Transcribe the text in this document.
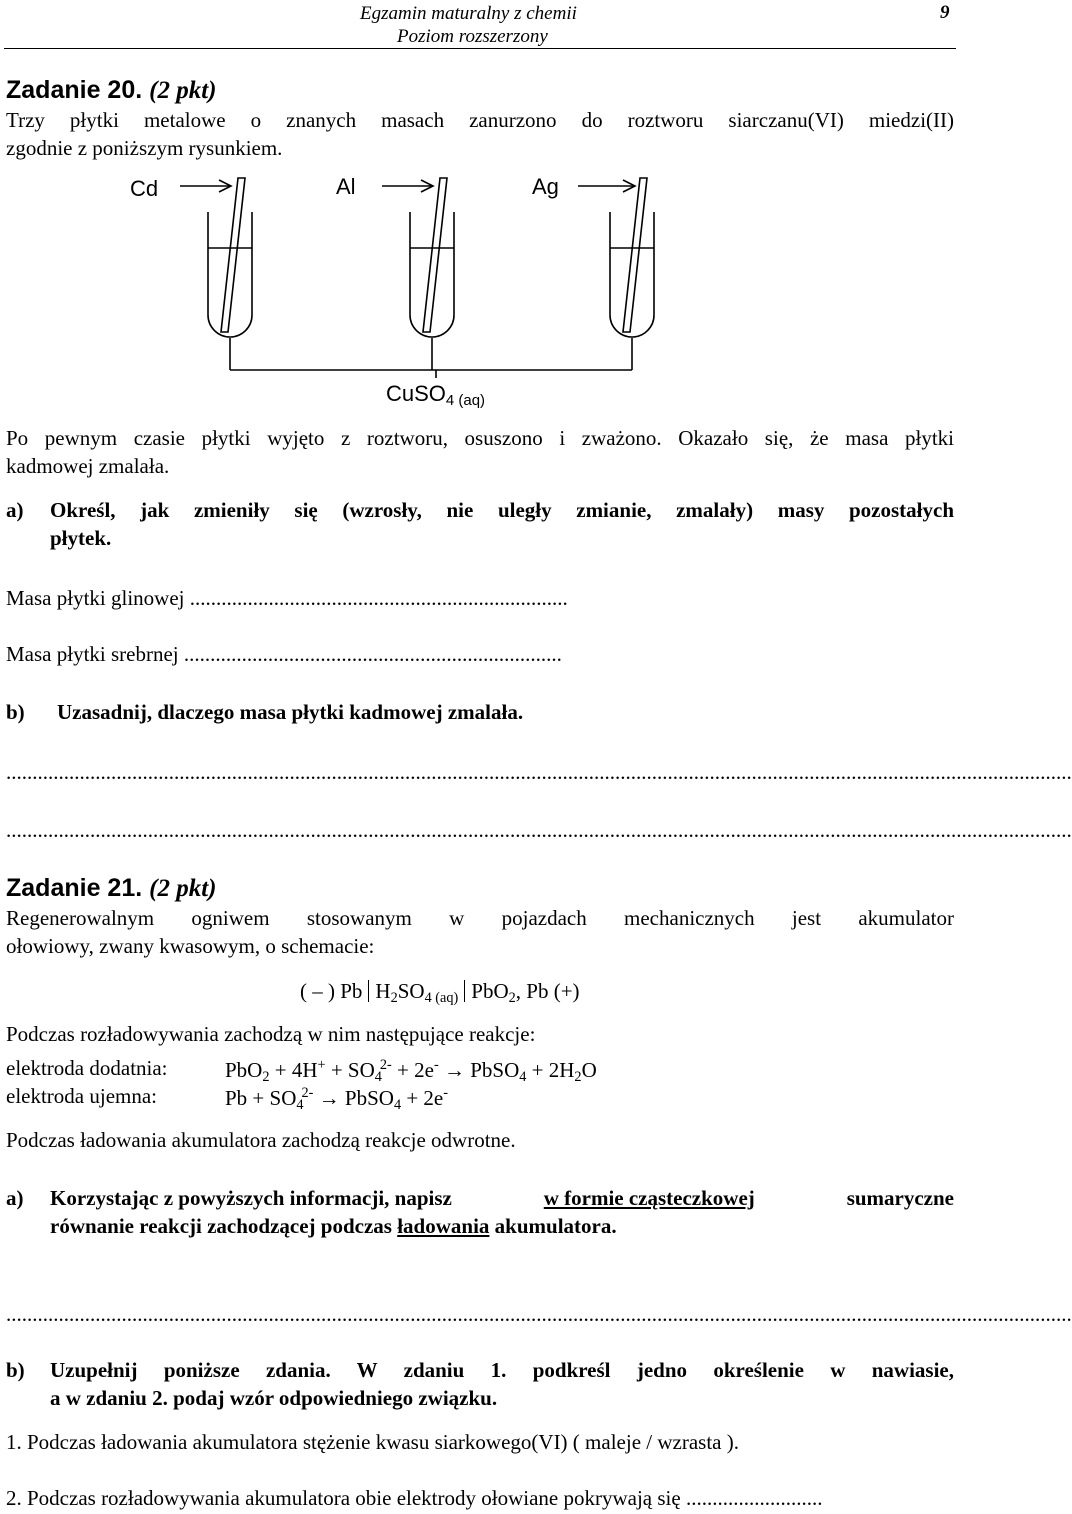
Egzamin maturalny z chemii
Poziom rozszerzony
9
Zadanie 20. (2 pkt)
Trzy płytki metalowe o znanych masach zanurzono do roztworu siarczanu(VI) miedzi(II)
zgodnie z poniższym rysunkiem.
Cd	Al	Ag
CuSO$_{4 (aq)}$
Po pewnym czasie płytki wyjęto z roztworu, osuszono i zważono. Okazało się, że masa płytki
kadmowej zmalała.
a) Określ, jak zmieniły się (wzrosły, nie uległy zmianie, zmalały) masy pozostałych
płytek.
Masa płytki glinowej ........................................................................
Masa płytki srebrnej ........................................................................
b) Uzasadnij, dlaczego masa płytki kadmowej zmalała.
...........................................................................................................................................................................................................
...........................................................................................................................................................................................................
Zadanie 21. (2 pkt)
Regenerowalnym ogniwem stosowanym w pojazdach mechanicznych jest akumulator
ołowiowy, zwany kwasowym, o schemacie:
( – ) Pb $H_2SO_{4 (aq)}$ PbO$_2$, Pb (+)
Podczas rozładowywania zachodzą w nim następujące reakcje:
elektroda dodatnia:	$PbO_2 + 4H^+ + SO_4^{2-} + 2e^-$ → PbSO$_4$ + $2H_2O$
elektroda ujemna:	$Pb + SO_4^{2-}$ → PbSO$_4$ + 2e-
Podczas ładowania akumulatora zachodzą reakcje odwrotne.
a) Korzystając z powyższych informacji, napisz	w formie cząsteczkowej	sumaryczne
równanie reakcji zachodzącej podczas ładowania akumulatora.
...........................................................................................................................................................................................................
b) Uzupełnij poniższe zdania. W zdaniu 1. podkreśl jedno określenie w nawiasie,
a w zdaniu 2. podaj wzór odpowiedniego związku.
1. Podczas ładowania akumulatora stężenie kwasu siarkowego(VI) ( maleje / wzrasta ).
2. Podczas rozładowywania akumulatora obie elektrody ołowiane pokrywają się ..........................
